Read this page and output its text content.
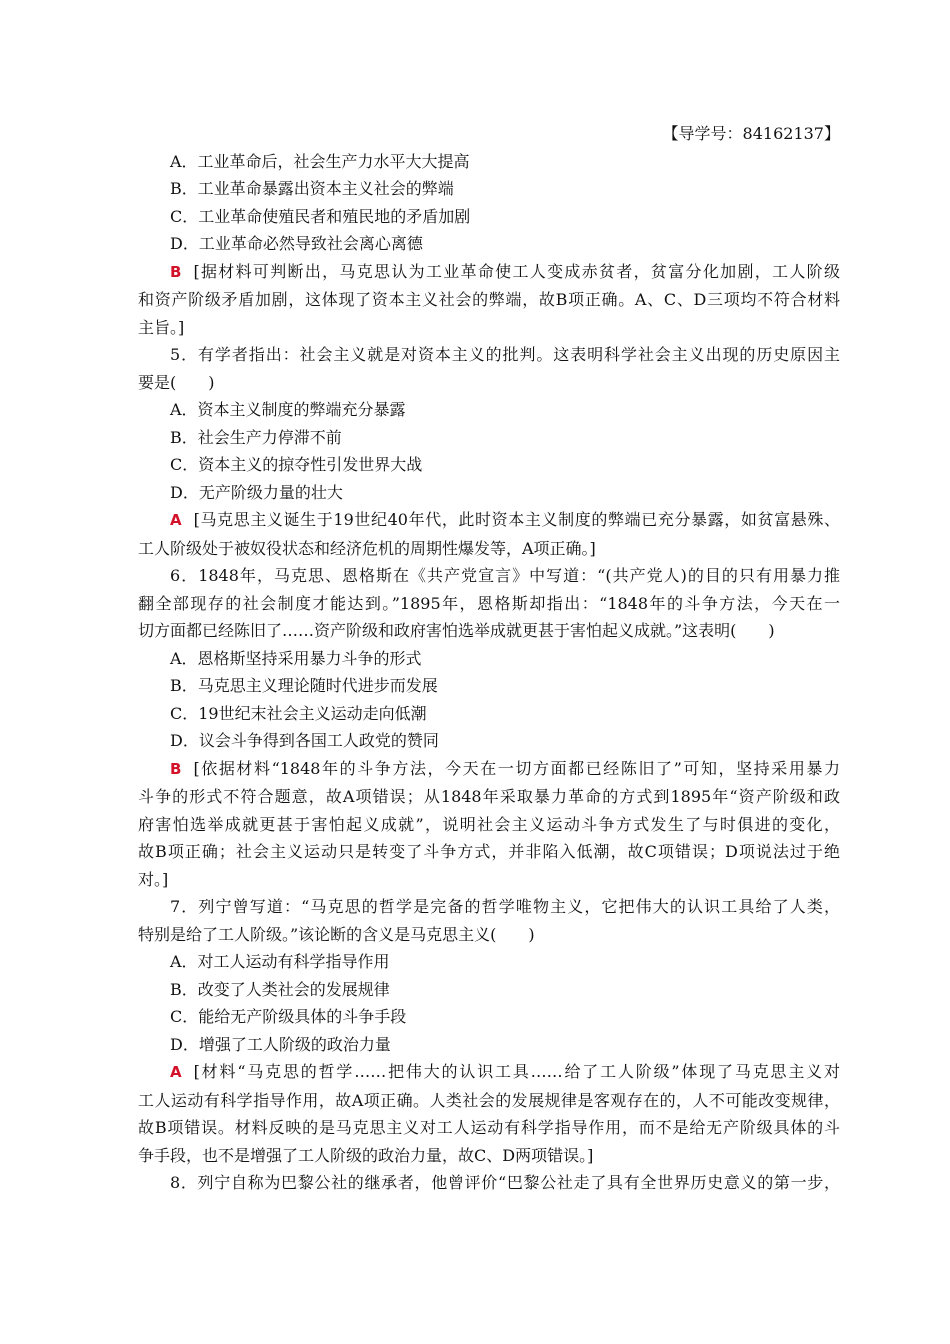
【导学号：84162137】
A．工业革命后，社会生产力水平大大提高
B．工业革命暴露出资本主义社会的弊端
C．工业革命使殖民者和殖民地的矛盾加剧
D．工业革命必然导致社会离心离德
B [据材料可判断出，马克思认为工业革命使工人变成赤贫者，贫富分化加剧，工人阶级
和资产阶级矛盾加剧，这体现了资本主义社会的弊端，故B项正确。A、C、D三项均不符合材料
主旨。]
5．有学者指出：社会主义就是对资本主义的批判。这表明科学社会主义出现的历史原因主
要是(　　)
A．资本主义制度的弊端充分暴露
B．社会生产力停滞不前
C．资本主义的掠夺性引发世界大战
D．无产阶级力量的壮大
A [马克思主义诞生于19世纪40年代，此时资本主义制度的弊端已充分暴露，如贫富悬殊、
工人阶级处于被奴役状态和经济危机的周期性爆发等，A项正确。]
6．1848年，马克思、恩格斯在《共产党宣言》中写道：“(共产党人)的目的只有用暴力推
翻全部现存的社会制度才能达到。”1895年，恩格斯却指出：“1848年的斗争方法，今天在一
切方面都已经陈旧了……资产阶级和政府害怕选举成就更甚于害怕起义成就。”这表明(　　)
A．恩格斯坚持采用暴力斗争的形式
B．马克思主义理论随时代进步而发展
C．19世纪末社会主义运动走向低潮
D．议会斗争得到各国工人政党的赞同
B [依据材料“1848年的斗争方法，今天在一切方面都已经陈旧了”可知，坚持采用暴力
斗争的形式不符合题意，故A项错误；从1848年采取暴力革命的方式到1895年“资产阶级和政
府害怕选举成就更甚于害怕起义成就”，说明社会主义运动斗争方式发生了与时俱进的变化，
故B项正确；社会主义运动只是转变了斗争方式，并非陷入低潮，故C项错误；D项说法过于绝
对。]
7．列宁曾写道：“马克思的哲学是完备的哲学唯物主义，它把伟大的认识工具给了人类，
特别是给了工人阶级。”该论断的含义是马克思主义(　　)
A．对工人运动有科学指导作用
B．改变了人类社会的发展规律
C．能给无产阶级具体的斗争手段
D．增强了工人阶级的政治力量
A [材料“马克思的哲学……把伟大的认识工具……给了工人阶级”体现了马克思主义对
工人运动有科学指导作用，故A项正确。人类社会的发展规律是客观存在的，人不可能改变规律，
故B项错误。材料反映的是马克思主义对工人运动有科学指导作用，而不是给无产阶级具体的斗
争手段，也不是增强了工人阶级的政治力量，故C、D两项错误。]
8．列宁自称为巴黎公社的继承者，他曾评价“巴黎公社走了具有全世界历史意义的第一步，
